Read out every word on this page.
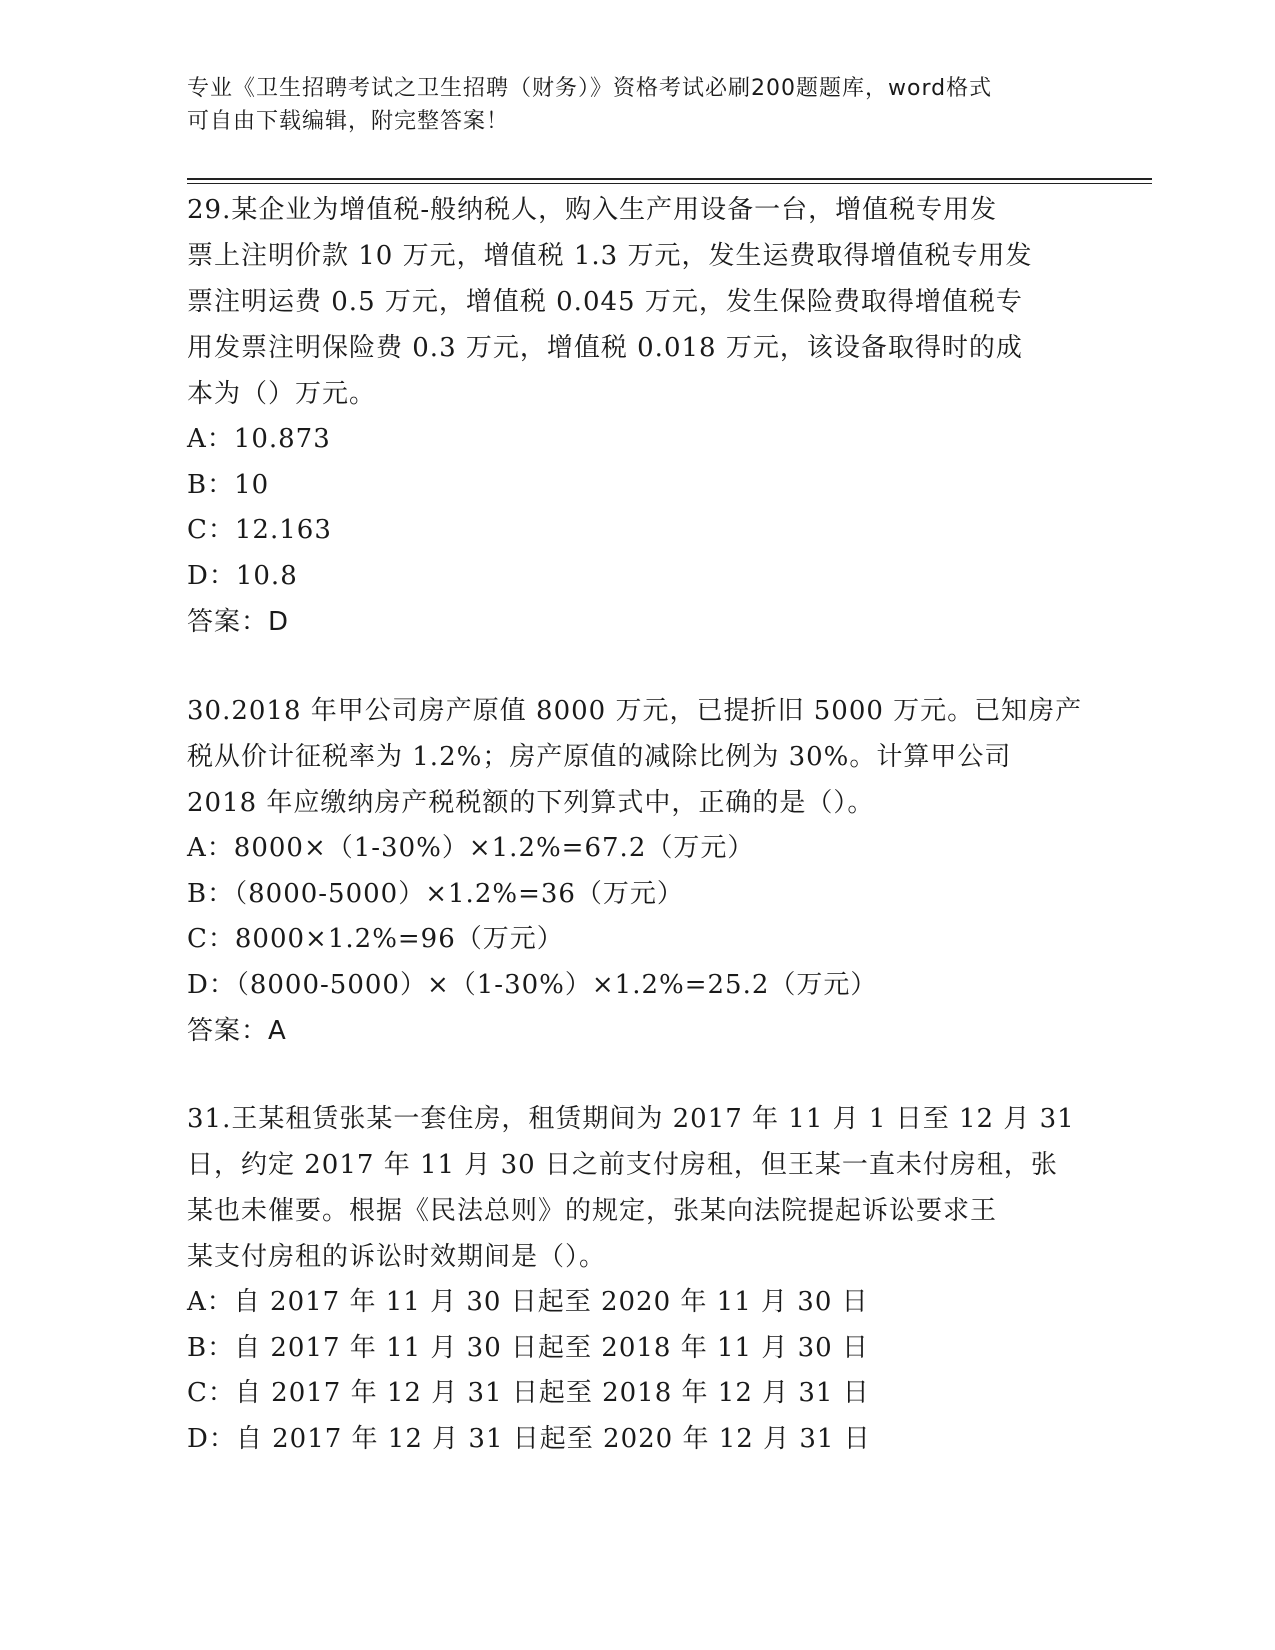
专业《卫生招聘考试之卫生招聘（财务）》资格考试必刷200题题库，word格式
可自由下载编辑，附完整答案！
29.某企业为增值税-般纳税人，购入生产用设备一台，增值税专用发
票上注明价款 10 万元，增值税 1.3 万元，发生运费取得增值税专用发
票注明运费 0.5 万元，增值税 0.045 万元，发生保险费取得增值税专
用发票注明保险费 0.3 万元，增值税 0.018 万元，该设备取得时的成
本为（）万元。
A：10.873
B：10
C：12.163
D：10.8
答案：D
30.2018 年甲公司房产原值 8000 万元，已提折旧 5000 万元。已知房产
税从价计征税率为 1.2%；房产原值的减除比例为 30%。计算甲公司
2018 年应缴纳房产税税额的下列算式中，正确的是（）。
A：8000×（1-30%）×1.2%=67.2（万元）
B：（8000-5000）×1.2%=36（万元）
C：8000×1.2%=96（万元）
D：（8000-5000）×（1-30%）×1.2%=25.2（万元）
答案：A
31.王某租赁张某一套住房，租赁期间为 2017 年 11 月 1 日至 12 月 31
日，约定 2017 年 11 月 30 日之前支付房租，但王某一直未付房租，张
某也未催要。根据《民法总则》的规定，张某向法院提起诉讼要求王
某支付房租的诉讼时效期间是（）。
A：自 2017 年 11 月 30 日起至 2020 年 11 月 30 日
B：自 2017 年 11 月 30 日起至 2018 年 11 月 30 日
C：自 2017 年 12 月 31 日起至 2018 年 12 月 31 日
D：自 2017 年 12 月 31 日起至 2020 年 12 月 31 日
